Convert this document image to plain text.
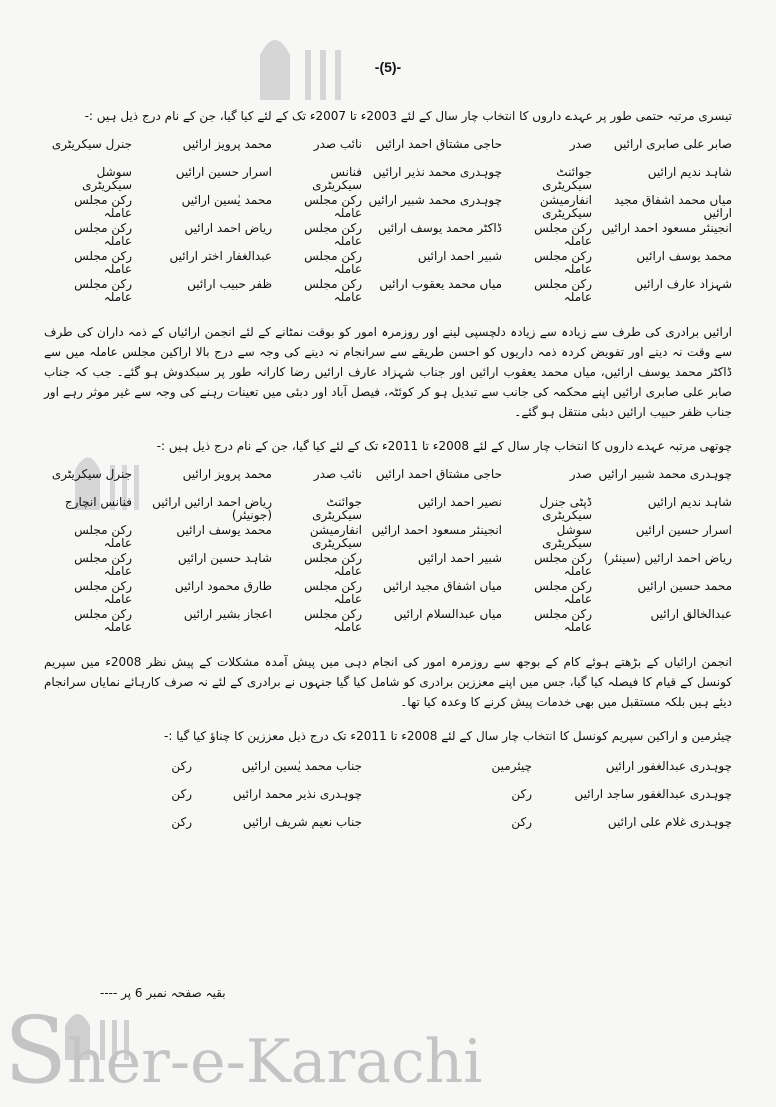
-(5)-
تیسری مرتبہ حتمی طور پر عہدے داروں کا انتخاب چار سال کے لئے 2003ء تا 2007ء تک کے لئے کیا گیا، جن کے نام درج ذیل ہیں :-
صابر علی صابری ارائیں
صدر
حاجی مشتاق احمد ارائیں
نائب صدر
محمد پرویز ارائیں
جنرل سیکریٹری
شاہد ندیم ارائیں
جوائنٹ سیکریٹری
چوہدری محمد نذیر ارائیں
فنانس سیکریٹری
اسرار حسین ارائیں
سوشل سیکریٹری
میاں محمد اشفاق مجید ارائیں
انفارمیشن سیکریٹری
چوہدری محمد شبیر ارائیں
رکن مجلس عاملہ
محمد یٰسین ارائیں
رکن مجلس عاملہ
انجینئر مسعود احمد ارائیں
رکن مجلس عاملہ
ڈاکٹر محمد یوسف ارائیں
رکن مجلس عاملہ
ریاض احمد ارائیں
رکن مجلس عاملہ
محمد یوسف ارائیں
رکن مجلس عاملہ
شبیر احمد ارائیں
رکن مجلس عاملہ
عبدالغفار اختر ارائیں
رکن مجلس عاملہ
شہزاد عارف ارائیں
رکن مجلس عاملہ
میاں محمد یعقوب ارائیں
رکن مجلس عاملہ
ظفر حبیب ارائیں
رکن مجلس عاملہ
ارائیں برادری کی طرف سے زیادہ سے زیادہ دلچسپی لینے اور روزمرہ امور کو بوقت نمٹانے کے لئے انجمن ارائیاں کے ذمہ داران کی طرف سے وقت نہ دینے اور تفویض کردہ ذمہ داریوں کو احسن طریقے سے سرانجام نہ دینے کی وجہ سے درج بالا اراکین مجلس عاملہ میں سے ڈاکٹر محمد یوسف ارائیں، میاں محمد یعقوب ارائیں اور جناب شہزاد عارف ارائیں رضا کارانہ طور پر سبکدوش ہو گئے۔ جب کہ جناب صابر علی صابری ارائیں اپنے محکمہ کی جانب سے تبدیل ہو کر کوئٹہ، فیصل آباد اور دبئی میں تعینات رہنے کی وجہ سے غیر موثر رہے اور جناب ظفر حبیب ارائیں دبئی منتقل ہو گئے۔
چوتھی مرتبہ عہدے داروں کا انتخاب چار سال کے لئے 2008ء تا 2011ء تک کے لئے کیا گیا، جن کے نام درج ذیل ہیں :-
چوہدری محمد شبیر ارائیں
صدر
حاجی مشتاق احمد ارائیں
نائب صدر
محمد پرویز ارائیں
جنرل سیکریٹری
شاہد ندیم ارائیں
ڈپٹی جنرل سیکریٹری
نصیر احمد ارائیں
جوائنٹ سیکریٹری
ریاض احمد ارائیں ارائیں (جونیئر)
فنانس انچارج
اسرار حسین ارائیں
سوشل سیکریٹری
انجینئر مسعود احمد ارائیں
انفارمیشن سیکریٹری
محمد یوسف ارائیں
رکن مجلس عاملہ
ریاض احمد ارائیں (سینئر)
رکن مجلس عاملہ
شبیر احمد ارائیں
رکن مجلس عاملہ
شاہد حسین ارائیں
رکن مجلس عاملہ
محمد حسین ارائیں
رکن مجلس عاملہ
میاں اشفاق مجید ارائیں
رکن مجلس عاملہ
طارق محمود ارائیں
رکن مجلس عاملہ
عبدالخالق ارائیں
رکن مجلس عاملہ
میاں عبدالسلام ارائیں
رکن مجلس عاملہ
اعجاز بشیر ارائیں
رکن مجلس عاملہ
انجمن ارائیاں کے بڑھتے ہوئے کام کے بوجھ سے روزمرہ امور کی انجام دہی میں پیش آمدہ مشکلات کے پیش نظر 2008ء میں سپریم کونسل کے قیام کا فیصلہ کیا گیا، جس میں اپنے معززین برادری کو شامل کیا گیا جنہوں نے برادری کے لئے نہ صرف کارہائے نمایاں سرانجام دیئے ہیں بلکہ مستقبل میں بھی خدمات پیش کرنے کا وعدہ کیا تھا۔
چیئرمین و اراکین سپریم کونسل کا انتخاب چار سال کے لئے 2008ء تا 2011ء تک درج ذیل معززین کا چناؤ کیا گیا :-
چوہدری عبدالغفور ارائیں
چیئرمین
جناب محمد یٰسین ارائیں
رکن
چوہدری عبدالغفور ساجد ارائیں
رکن
چوہدری نذیر محمد ارائیں
رکن
چوہدری غلام علی ارائیں
رکن
جناب نعیم شریف ارائیں
رکن
بقیہ صفحہ نمبر 6 پر ----
Sher-e-Karachi
